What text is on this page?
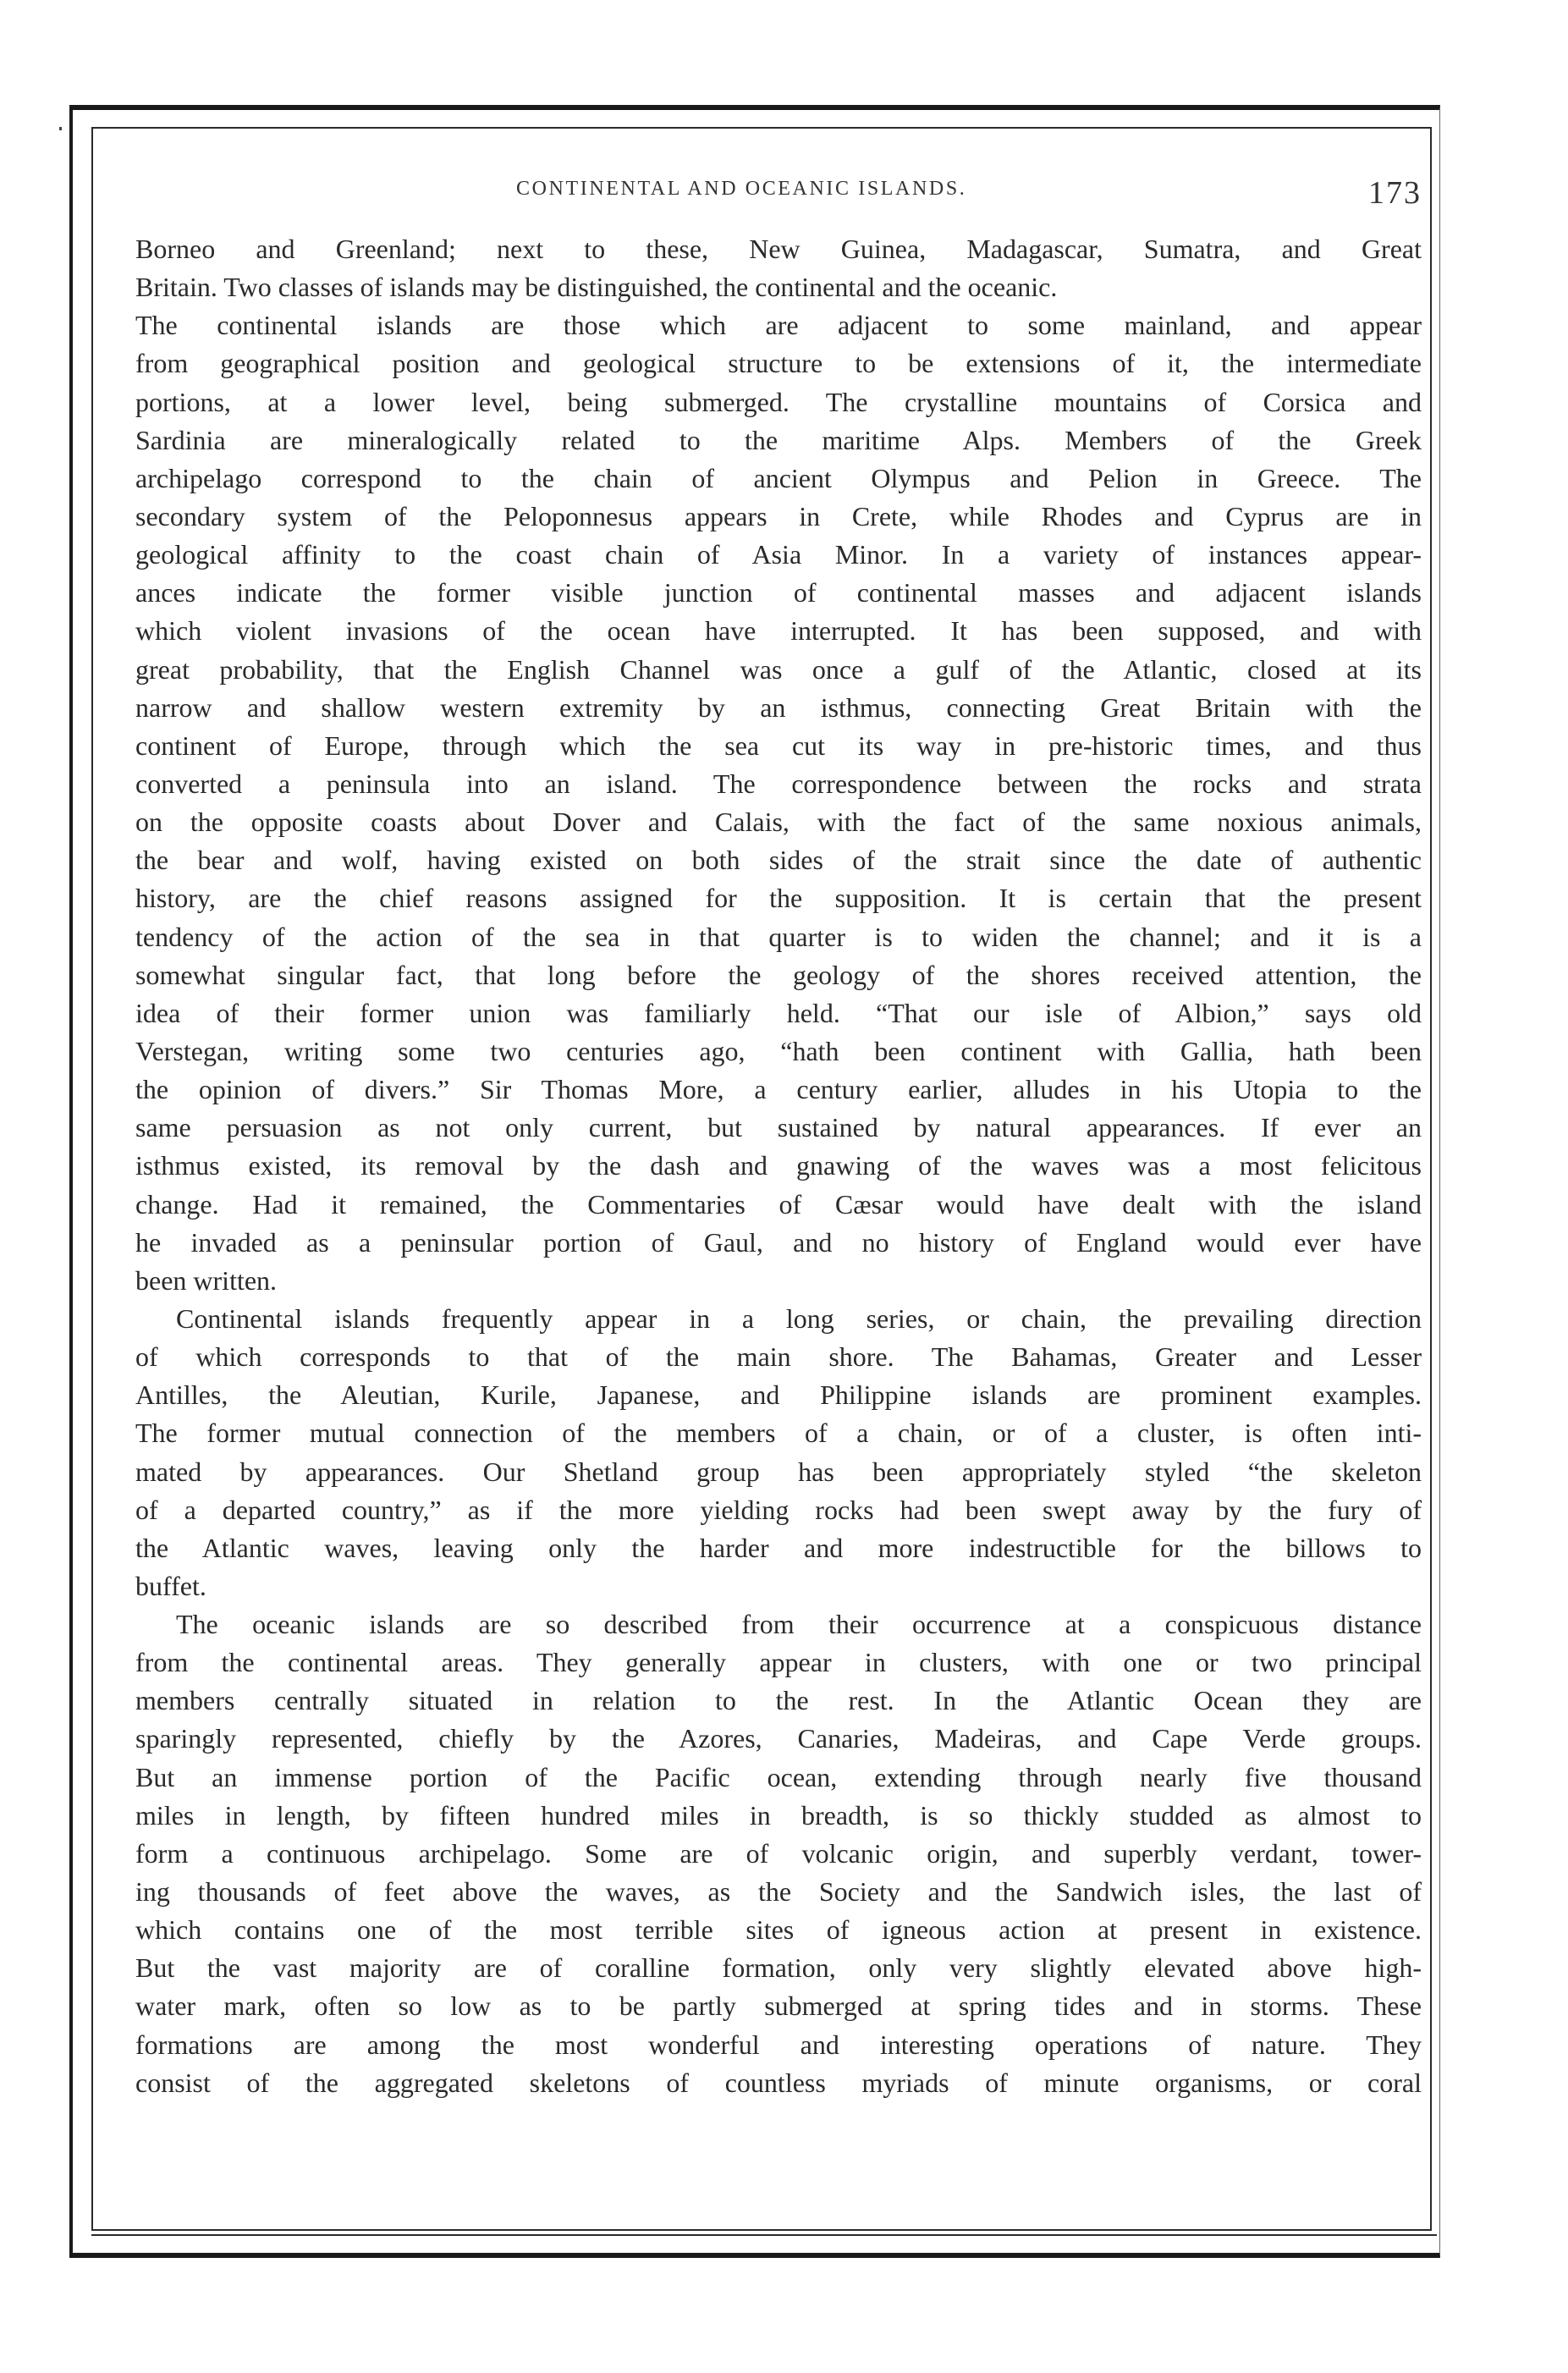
CONTINENTAL AND OCEANIC ISLANDS.	173
Borneo and Greenland; next to these, New Guinea, Madagascar, Sumatra, and Great
Britain. Two classes of islands may be distinguished, the continental and the oceanic.
The continental islands are those which are adjacent to some mainland, and appear
from geographical position and geological structure to be extensions of it, the intermediate
portions, at a lower level, being submerged. The crystalline mountains of Corsica and
Sardinia are mineralogically related to the maritime Alps. Members of the Greek
archipelago correspond to the chain of ancient Olympus and Pelion in Greece. The
secondary system of the Peloponnesus appears in Crete, while Rhodes and Cyprus are in
geological affinity to the coast chain of Asia Minor. In a variety of instances appear-
ances indicate the former visible junction of continental masses and adjacent islands
which violent invasions of the ocean have interrupted. It has been supposed, and with
great probability, that the English Channel was once a gulf of the Atlantic, closed at its
narrow and shallow western extremity by an isthmus, connecting Great Britain with the
continent of Europe, through which the sea cut its way in pre-historic times, and thus
converted a peninsula into an island. The correspondence between the rocks and strata
on the opposite coasts about Dover and Calais, with the fact of the same noxious animals,
the bear and wolf, having existed on both sides of the strait since the date of authentic
history, are the chief reasons assigned for the supposition. It is certain that the present
tendency of the action of the sea in that quarter is to widen the channel; and it is a
somewhat singular fact, that long before the geology of the shores received attention, the
idea of their former union was familiarly held. “That our isle of Albion,” says old
Verstegan, writing some two centuries ago, “hath been continent with Gallia, hath been
the opinion of divers.” Sir Thomas More, a century earlier, alludes in his Utopia to the
same persuasion as not only current, but sustained by natural appearances. If ever an
isthmus existed, its removal by the dash and gnawing of the waves was a most felicitous
change. Had it remained, the Commentaries of Cæsar would have dealt with the island
he invaded as a peninsular portion of Gaul, and no history of England would ever have
been written.
Continental islands frequently appear in a long series, or chain, the prevailing direction
of which corresponds to that of the main shore. The Bahamas, Greater and Lesser
Antilles, the Aleutian, Kurile, Japanese, and Philippine islands are prominent examples.
The former mutual connection of the members of a chain, or of a cluster, is often inti-
mated by appearances. Our Shetland group has been appropriately styled “the skeleton
of a departed country,” as if the more yielding rocks had been swept away by the fury of
the Atlantic waves, leaving only the harder and more indestructible for the billows to
buffet.
The oceanic islands are so described from their occurrence at a conspicuous distance
from the continental areas. They generally appear in clusters, with one or two principal
members centrally situated in relation to the rest. In the Atlantic Ocean they are
sparingly represented, chiefly by the Azores, Canaries, Madeiras, and Cape Verde groups.
But an immense portion of the Pacific ocean, extending through nearly five thousand
miles in length, by fifteen hundred miles in breadth, is so thickly studded as almost to
form a continuous archipelago. Some are of volcanic origin, and superbly verdant, tower-
ing thousands of feet above the waves, as the Society and the Sandwich isles, the last of
which contains one of the most terrible sites of igneous action at present in existence.
But the vast majority are of coralline formation, only very slightly elevated above high-
water mark, often so low as to be partly submerged at spring tides and in storms. These
formations are among the most wonderful and interesting operations of nature. They
consist of the aggregated skeletons of countless myriads of minute organisms, or coral
